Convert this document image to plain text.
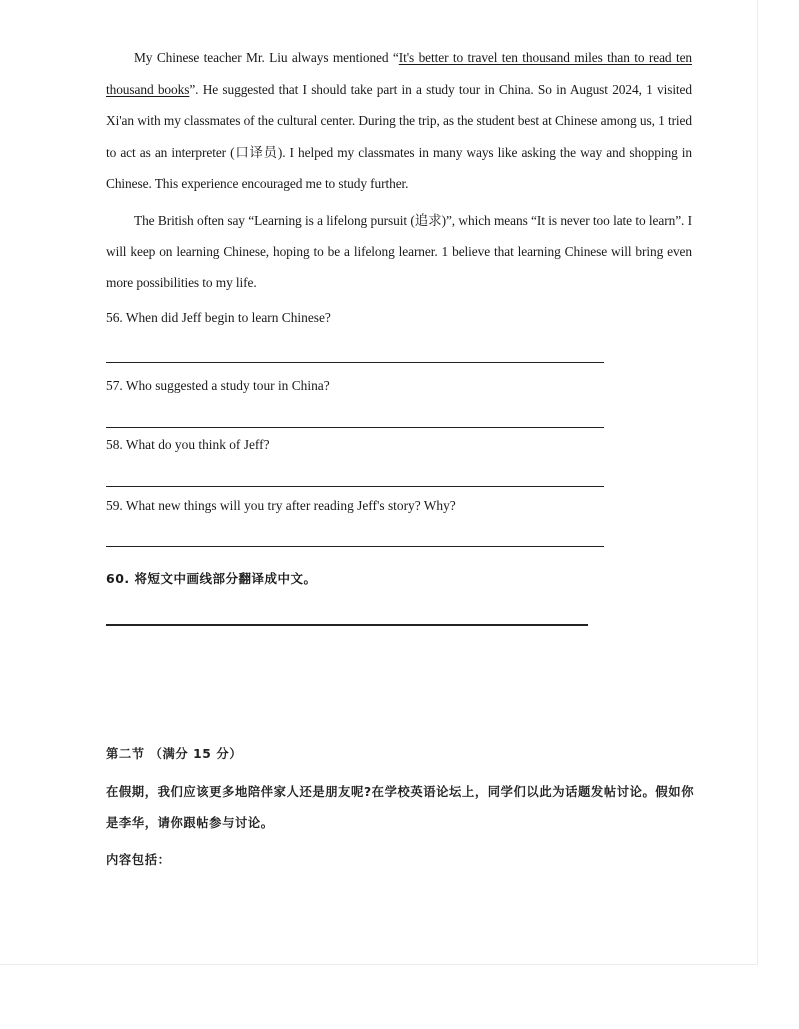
My Chinese teacher Mr. Liu always mentioned “It's better to travel ten thousand miles than to read ten thousand books”. He suggested that I should take part in a study tour in China. So in August 2024, 1 visited Xi'an with my classmates of the cultural center. During the trip, as the student best at Chinese among us, 1 tried to act as an interpreter (口译员). I helped my classmates in many ways like asking the way and shopping in Chinese. This experience encouraged me to study further.

The British often say “Learning is a lifelong pursuit (追求)”, which means “It is never too late to learn”. I will keep on learning Chinese, hoping to be a lifelong learner. 1 believe that learning Chinese will bring even more possibilities to my life.

56. When did Jeff begin to learn Chinese?

57. Who suggested a study tour in China?

58. What do you think of Jeff?

59. What new things will you try after reading Jeff's story? Why?

60. 将短文中画线部分翻译成中文。

第二节 （满分 15 分）

在假期，我们应该更多地陪伴家人还是朋友呢?在学校英语论坛上，同学们以此为话题发帖讨论。假如你是李华，请你跟帖参与讨论。

内容包括：
